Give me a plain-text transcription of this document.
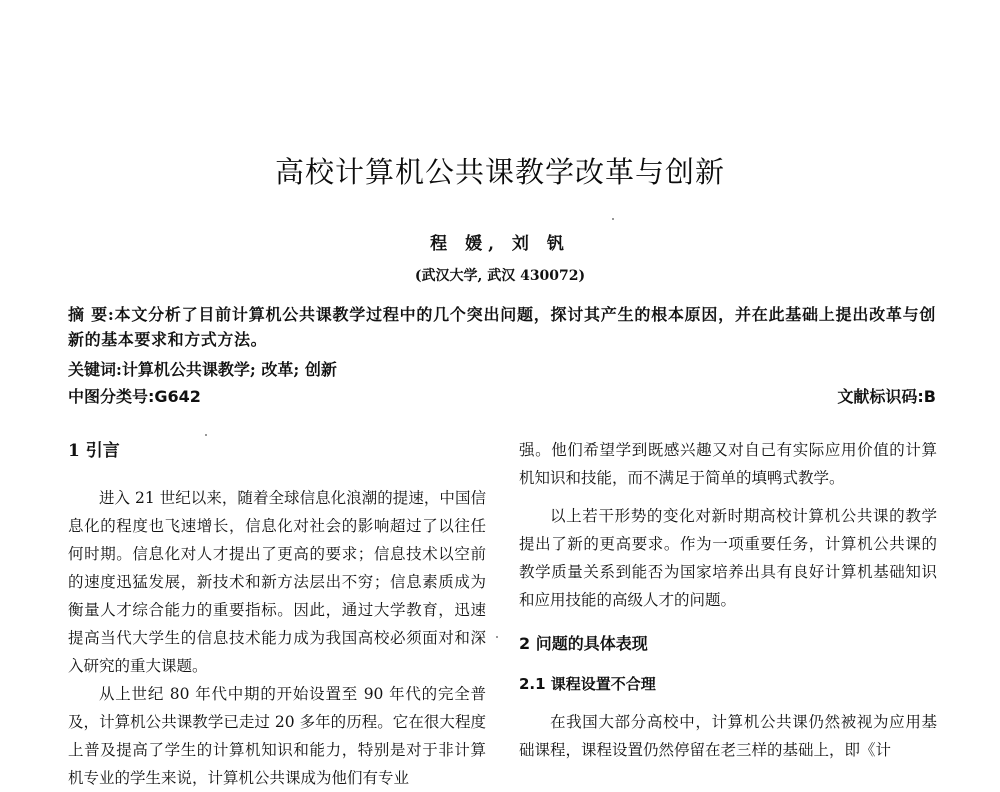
高校计算机公共课教学改革与创新
程 媛, 刘 钒
(武汉大学, 武汉 430072)
摘 要:本文分析了目前计算机公共课教学过程中的几个突出问题，探讨其产生的根本原因，并在此基础上提出改革与创新的基本要求和方式方法。
关键词:计算机公共课教学; 改革; 创新
中图分类号:G642	文献标识码:B
1 引言

进入 21 世纪以来，随着全球信息化浪潮的提速，中国信息化的程度也飞速增长，信息化对社会的影响超过了以往任何时期。信息化对人才提出了更高的要求；信息技术以空前的速度迅猛发展，新技术和新方法层出不穷；信息素质成为衡量人才综合能力的重要指标。因此，通过大学教育，迅速提高当代大学生的信息技术能力成为我国高校必须面对和深入研究的重大课题。

从上世纪 80 年代中期的开始设置至 90 年代的完全普及，计算机公共课教学已走过 20 多年的历程。它在很大程度上普及提高了学生的计算机知识和能力，特别是对于非计算机专业的学生来说，计算机公共课成为他们有专业

强。他们希望学到既感兴趣又对自己有实际应用价值的计算机知识和技能，而不满足于简单的填鸭式教学。

以上若干形势的变化对新时期高校计算机公共课的教学提出了新的更高要求。作为一项重要任务，计算机公共课的教学质量关系到能否为国家培养出具有良好计算机基础知识和应用技能的高级人才的问题。

2 问题的具体表现
2.1 课程设置不合理

在我国大部分高校中，计算机公共课仍然被视为应用基础课程，课程设置仍然停留在老三样的基础上，即《计
